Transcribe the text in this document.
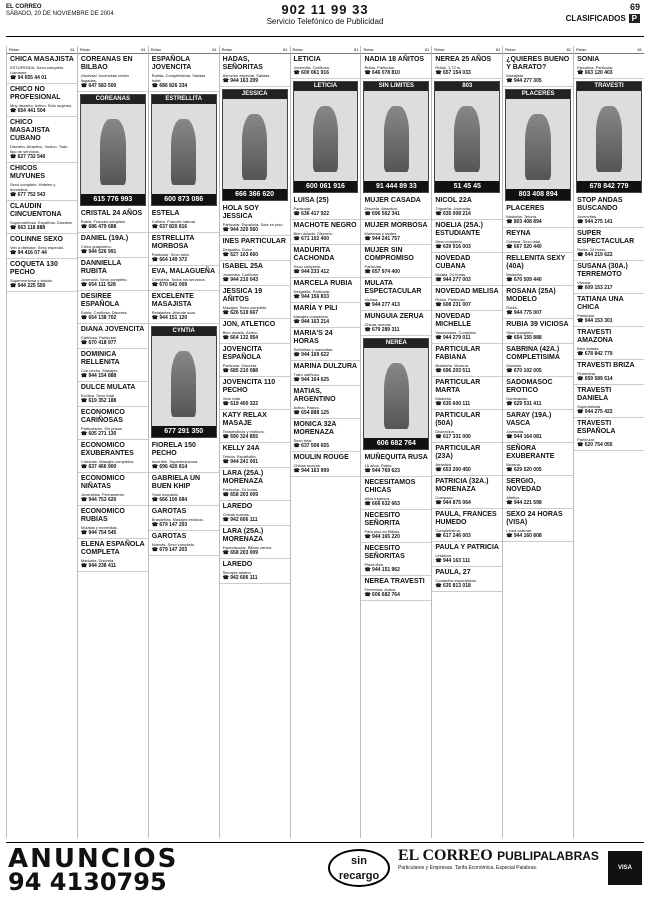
EL CORREO
SÁBADO, 20 DE NOVIEMBRE DE 2004	902 11 99 33
Servicio Telefónico de Publicidad
69
CLASIFICADOS P
Relax	81
CHICA MASAJISTA

ESTUPENDA. Sexo completo. Llámame.

☎ 94 655 44 01

CHICO NO PROFESIONAL

Muy discreto. Activo. Sólo mujeres.

☎ 654 441 504

CHICO MASAJISTA CUBANO

Discreto. Atractivo. Vuelvo. Todo tipo de servicios.

☎ 627 732 540

CHICOS MUYUNES

Sexo completo. Hoteles y domicilios.

☎ 677 752 543

CLAUDIN CINCUENTONA

Supercariñosa. Española. Discreta.

☎ 663 118 888

COLINNE SEXO

Ven a disfrutar. Sexo especial.

☎ 94 416 07 44

COQUETA 130 PECHO

Supermorbosa y tetuda.

☎ 944 225 550

Relax	81
COREANAS EN BILBAO

¡Nuevas! Jovencitas recién llegadas.

☎ 647 583 500

COREANAS
615 776 993
CRISTAL 24 AÑOS

Rubia. Francés completo.

☎ 686 479 688

DANIEL (19A.)

Chico guapísimo.

☎ 944 526 991

DANNIELLA RUBITA

Jovencita. Sexo completo.

☎ 654 111 528

DESIREE ESPAÑOLA

Rubia. Cariñosa. Discreta.

☎ 654 138 702

DIANA JOVENCITA

Cariñosa. Particular.

☎ 670 418 977

DOMINICA RELLENITA

Con pecho. Masajes.

☎ 944 154 888

DULCE MULATA

Exótica. Sexo total.

☎ 619 352 188

ECONOMICO CARIÑOSAS

Particulares. Sin prisas.

☎ 605 271 130

ECONOMICO EXUBERANTES

Cubanas. Masajes completos.

☎ 637 466 900

ECONOMICO NIÑATAS

Jovencitas. Permanente.

☎ 944 753 620

ECONOMICO RUBIAS

Mulatas y morenitas.

☎ 944 754 545

ELENA ESPAÑOLA COMPLETA

Madurita. Discreta.

☎ 944 238 411

Relax	81
ESPAÑOLA JOVENCITA

Rubita. Completísima. Salidas hotel.

☎ 686 826 334

ESTRELLITA
600 873 086
ESTELA

Cañera. Francés natural.

☎ 637 820 816

ESTRELLITA MORBOSA

Particular. Sexo total.

☎ 664 149 372

EVA, MALAGUEÑA

Completa. Todos los servicios.

☎ 670 541 009

EXCELENTE MASAJISTA

Relajantes. Atiende sola.

☎ 944 151 120

CYNTIA
677 291 350
FIORELA 150 PECHO

Increíble. Superbesucona.

☎ 696 420 814

GABRIELA UN BUEN KHIP

Trato exquisito.

☎ 666 100 684

GAROTAS

Brasileñas. Masajes eróticos.

☎ 679 147 203

GAROTAS

Nuevas. Sexo completo.

☎ 679 147 203

Relax	81
HADAS, SEÑORITAS

Atención especial. Salidas.

☎ 944 163 209

JESSICA
666 366 620
HOLA SOY JESSICA

Particular. Española. Sola en piso.

☎ 944 320 560

INES PARTICULAR

Delgadita. Dulce.

☎ 627 103 660

ISABEL 25A

Jovencita. Cariñosa.

☎ 944 210 043

JESSICA 19 AÑITOS

Masajes. Sexo completo.

☎ 626 519 667

JON, ATLETICO

Bien dotado. Activo.

☎ 664 132 954

JOVENCITA ESPAÑOLA

Particular. Discreta.

☎ 685 210 088

JOVENCITA 110 PECHO

Vicio total.

☎ 619 400 322

KATY RELAX MASAJE

Terapéuticos y eróticos.

☎ 690 324 855

KELLY 24A

Tetuda. Españolita.

☎ 944 241 001

LARA (25A.) MORENAZA

Particular. 24 horas.

☎ 658 203 009

LAREDO

Chicas nuevas.

☎ 942 606 111

LARA (25A.) MORENAZA

Espectacular. Bilbao centro.

☎ 658 203 009

LAREDO

Siempre abierto.

☎ 942 606 111

Relax	81
LETICIA

Jovencita. Cariñosa.

☎ 600 061 916

LETICIA
600 061 916
LUISA (25)

Particular.

☎ 636 417 922

MACHOTE NEGRO

Bien dotado. Discreto.

☎ 671 102 400

MADURITA CACHONDA

Sexo completo.

☎ 944 233 412

MARCELA RUBIA

Delgadita. Particular.

☎ 944 156 833

MARÍA Y PILI

Masajes completos.

☎ 944 163 214

MARIA'S 24 HORAS

Señoritas y maduritas.

☎ 944 169 622

MARINA DULZURA

Trato cariñoso.

☎ 944 164 625

MATIAS, ARGENTINO

Activo. Pasivo.

☎ 654 888 125

MONICA 32A MORENAZA

Sexo total.

☎ 637 508 655

MOULIN ROUGE

Chicas nuevas.

☎ 944 163 999

Relax	81
NADIA 18 AÑITOS

Rubia. Particular.

☎ 646 078 810

SIN LIMITES
91 444 89 33
MUJER CASADA

Discreta. Atractiva.

☎ 696 562 341

MUJER MORBOSA

Mañanas y tardes.

☎ 944 241 757

MUJER SIN COMPROMISO

Particular.

☎ 657 974 400

MULATA ESPECTACULAR

Viciosa.

☎ 944 277 413

MUNGUIA ZERUA

Chicas nuevas.

☎ 679 289 311

NEREA
606 682 764
MUÑEQUITA RUSA

18 años. Rubia.

☎ 944 769 623

NECESITAMOS CHICAS

Altos ingresos.

☎ 666 632 663

NECESITO SEÑORITA

Para piso en Bilbao.

☎ 944 165 220

NECESITO SEÑORITAS

Plaza libre.

☎ 944 151 962

NEREA TRAVESTI

Femenina. Activa.

☎ 606 682 764

Relax	81
NEREA 25 AÑOS

Rubia, 1,72 m.

☎ 657 154 033

803
51 45 45
NICOL 22A

Trigueña. Jovencita.

☎ 635 008 214

NOELIA (25A.) ESTUDIANTE

Sexo completo.

☎ 639 916 003

NOVEDAD CUBANA

Mulata. 24 horas.

☎ 944 277 003

NOVEDAD MELISA

Rubia. Particular.

☎ 608 231 007

NOVEDAD MICHELLE

Venezolana. Completa.

☎ 944 279 011

PARTICULAR FABIANA

Brasileña. Morena.

☎ 696 203 511

PARTICULAR MARTA

Madurita.

☎ 635 600 111

PARTICULAR (50A)

Discreción.

☎ 617 331 000

PARTICULAR (23A)

Atractiva.

☎ 653 200 450

PATRICIA (32A.) MORENAZA

Cuerpazo.

☎ 944 875 064

PAULA, FRANCES HUMEDO

Completísima.

☎ 617 246 003

PAULA Y PATRICIA

Lésbicos.

☎ 944 163 111

PAULA, 27

Contactos esporádicos.

☎ 635 813 018

Relax	81
¿QUIERES BUENO Y BARATO?

Masajista.

☎ 944 277 305

PLACERES
803 408 894
PLACERES

Madurita. Tetona.

☎ 803 408 894

REYNA

Cubana. Sexo total.

☎ 667 020 440

RELLENITA SEXY (40A)

Madurita.

☎ 670 509 440

ROSANA (25A) MODELO

Rubia.

☎ 944 775 007

RUBIA 39 VICIOSA

Sexo completo.

☎ 654 155 888

SABRINA (42A.) COMPLETISIMA

Discreta.

☎ 670 102 005

SADOMASOC EROTICO

Dominación.

☎ 629 531 411

SARAY (19A.) VASCA

Jovencita.

☎ 944 164 081

SEÑORA EXUBERANTE

Morena.

☎ 629 520 005

SERGIO, NOVEDAD

Atlético.

☎ 944 221 598

SEXO 24 HORAS (VISA)

Línea caliente.

☎ 944 160 808

Relax	81
SONIA

Ejecutiva. Particular.

☎ 663 120 403

TRAVESTI
678 842 779
STOP ANDAS BUSCANDO

Jovencitas.

☎ 944 275 141

SUPER ESPECTACULAR

Rubia. 24 horas.

☎ 944 219 622

SUSANA (30A.) TERREMOTO

Viciosa.

☎ 609 153 217

TATIANA UNA CHICA

Particular.

☎ 944 153 301

TRAVESTI AMAZONA

Bien dotada.

☎ 678 842 779

TRAVESTI BRIZA

Femenina.

☎ 659 589 514

TRAVESTI DANIELA

Superdotada.

☎ 944 275 422

TRAVESTI ESPAÑOLA

Particular.

☎ 620 754 055

ANUNCIOS
94 4130795
sin recargo
EL CORREO PUBLIPALABRAS
Particulares y Empresas. Tarifa Económica. Especial Palabras.	VISA
